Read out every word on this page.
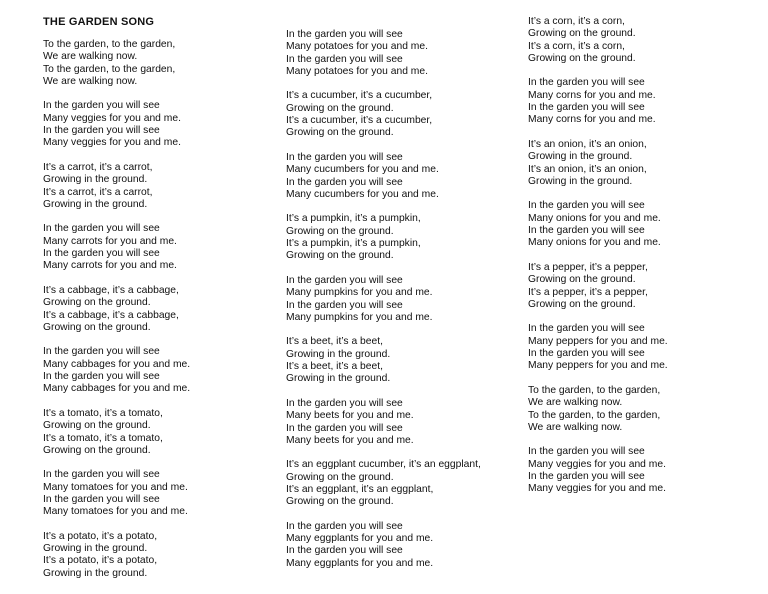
THE GARDEN SONG
To the garden, to the garden,
We are walking now.
To the garden, to the garden,
We are walking now.
In the garden you will see
Many veggies for you and me.
In the garden you will see
Many veggies for you and me.
It’s a carrot, it’s a carrot,
Growing in the ground.
It’s a carrot, it’s a carrot,
Growing in the ground.
In the garden you will see
Many carrots for you and me.
In the garden you will see
Many carrots for you and me.
It’s a cabbage, it’s a cabbage,
Growing on the ground.
It’s a cabbage, it’s a cabbage,
Growing on the ground.
In the garden you will see
Many cabbages for you and me.
In the garden you will see
Many cabbages for you and me.
It’s a tomato, it’s a tomato,
Growing on the ground.
It’s a tomato, it’s a tomato,
Growing on the ground.
In the garden you will see
Many tomatoes for you and me.
In the garden you will see
Many tomatoes for you and me.
It’s a potato, it’s a potato,
Growing in the ground.
It’s a potato, it’s a potato,
Growing in the ground.
In the garden you will see
Many potatoes for you and me.
In the garden you will see
Many potatoes for you and me.
It’s a cucumber, it’s a cucumber,
Growing on the ground.
It’s a cucumber, it’s a cucumber,
Growing on the ground.
In the garden you will see
Many cucumbers for you and me.
In the garden you will see
Many cucumbers for you and me.
It’s a pumpkin, it’s a pumpkin,
Growing on the ground.
It’s a pumpkin, it’s a pumpkin,
Growing on the ground.
In the garden you will see
Many pumpkins for you and me.
In the garden you will see
Many pumpkins for you and me.
It’s a beet, it’s a beet,
Growing in the ground.
It’s a beet, it’s a beet,
Growing in the ground.
In the garden you will see
Many beets for you and me.
In the garden you will see
Many beets for you and me.
It’s an eggplant cucumber, it’s an eggplant,
Growing on the ground.
It’s an eggplant, it’s an eggplant,
Growing on the ground.
In the garden you will see
Many eggplants for you and me.
In the garden you will see
Many eggplants for you and me.
It’s a corn, it’s a corn,
Growing on the ground.
It’s a corn, it’s a corn,
Growing on the ground.
In the garden you will see
Many corns for you and me.
In the garden you will see
Many corns for you and me.
It’s an onion, it’s an onion,
Growing in the ground.
It’s an onion, it’s an onion,
Growing in the ground.
In the garden you will see
Many onions for you and me.
In the garden you will see
Many onions for you and me.
It’s a pepper, it’s a pepper,
Growing on the ground.
It’s a pepper, it’s a pepper,
Growing on the ground.
In the garden you will see
Many peppers for you and me.
In the garden you will see
Many peppers for you and me.
To the garden, to the garden,
We are walking now.
To the garden, to the garden,
We are walking now.
In the garden you will see
Many veggies for you and me.
In the garden you will see
Many veggies for you and me.
